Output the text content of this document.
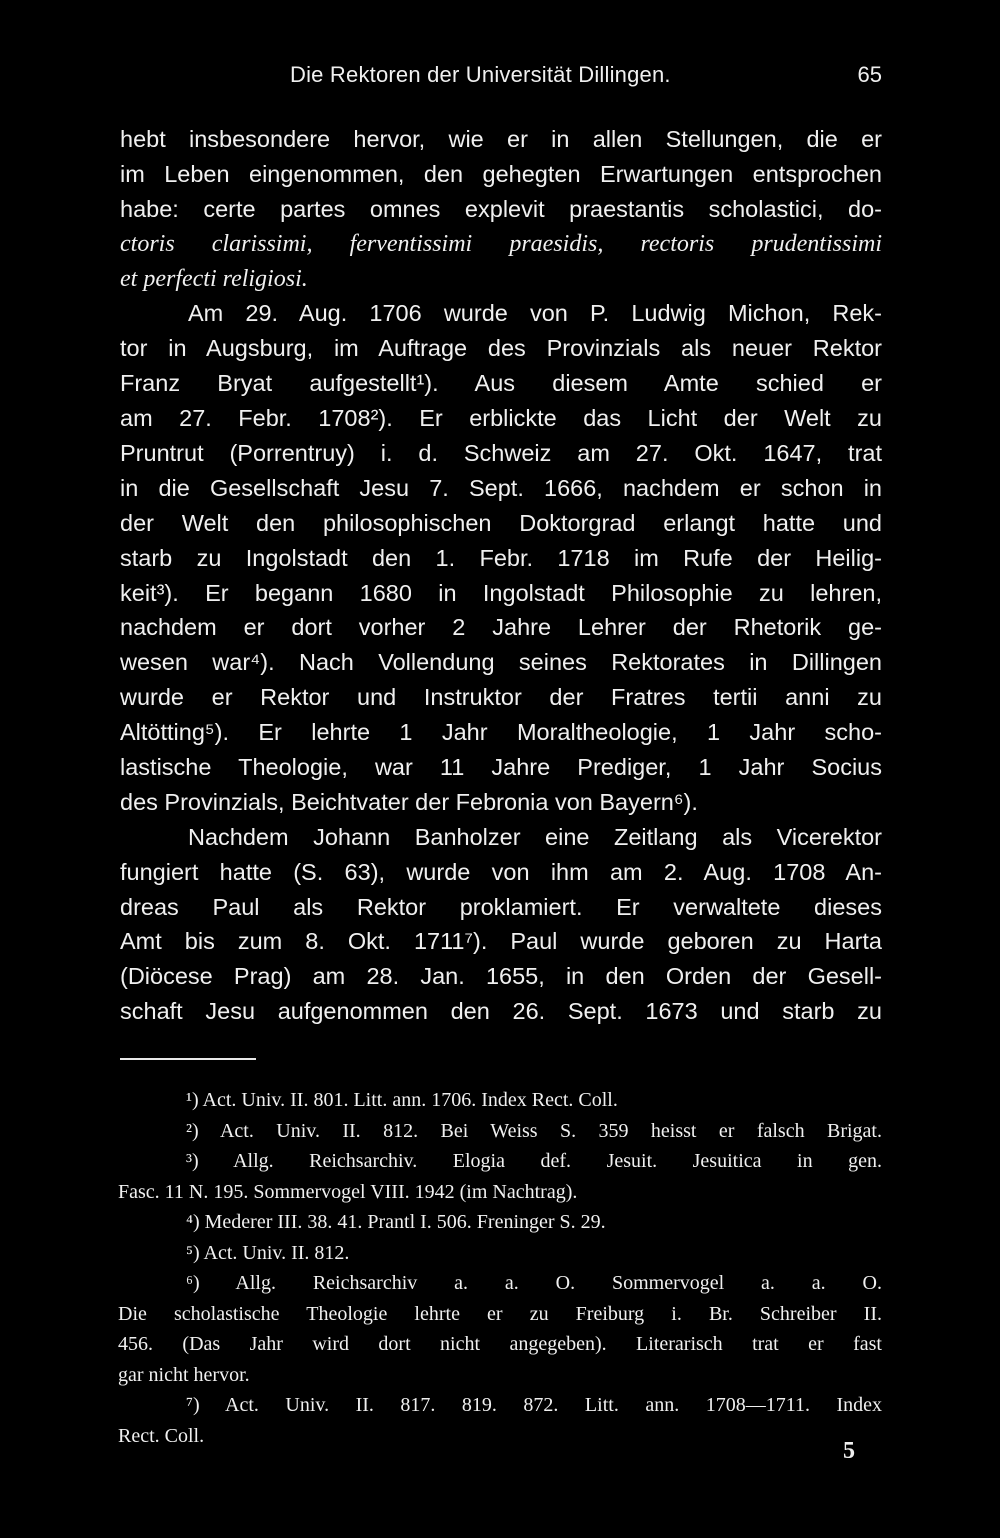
Die Rektoren der Universität Dillingen.	65
hebt insbesondere hervor, wie er in allen Stellungen, die er
im Leben eingenommen, den gehegten Erwartungen entsprochen
habe: certe partes omnes explevit praestantis scholastici, do-
ctoris clarissimi, ferventissimi praesidis, rectoris prudentissimi
et perfecti religiosi.
Am 29. Aug. 1706 wurde von P. Ludwig Michon, Rek-
tor in Augsburg, im Auftrage des Provinzials als neuer Rektor
Franz Bryat aufgestellt¹). Aus diesem Amte schied er
am 27. Febr. 1708²). Er erblickte das Licht der Welt zu
Pruntrut (Porrentruy) i. d. Schweiz am 27. Okt. 1647, trat
in die Gesellschaft Jesu 7. Sept. 1666, nachdem er schon in
der Welt den philosophischen Doktorgrad erlangt hatte und
starb zu Ingolstadt den 1. Febr. 1718 im Rufe der Heilig-
keit³). Er begann 1680 in Ingolstadt Philosophie zu lehren,
nachdem er dort vorher 2 Jahre Lehrer der Rhetorik ge-
wesen war⁴). Nach Vollendung seines Rektorates in Dillingen
wurde er Rektor und Instruktor der Fratres tertii anni zu
Altötting⁵). Er lehrte 1 Jahr Moraltheologie, 1 Jahr scho-
lastische Theologie, war 11 Jahre Prediger, 1 Jahr Socius
des Provinzials, Beichtvater der Febronia von Bayern⁶).
Nachdem Johann Banholzer eine Zeitlang als Vicerektor
fungiert hatte (S. 63), wurde von ihm am 2. Aug. 1708 An-
dreas Paul als Rektor proklamiert. Er verwaltete dieses
Amt bis zum 8. Okt. 1711⁷). Paul wurde geboren zu Harta
(Diöcese Prag) am 28. Jan. 1655, in den Orden der Gesell-
schaft Jesu aufgenommen den 26. Sept. 1673 und starb zu
¹) Act. Univ. II. 801. Litt. ann. 1706. Index Rect. Coll.
²) Act. Univ. II. 812. Bei Weiss S. 359 heisst er falsch Brigat.
³) Allg. Reichsarchiv. Elogia def. Jesuit. Jesuitica in gen.
Fasc. 11 N. 195. Sommervogel VIII. 1942 (im Nachtrag).
⁴) Mederer III. 38. 41. Prantl I. 506. Freninger S. 29.
⁵) Act. Univ. II. 812.
⁶) Allg. Reichsarchiv a. a. O. Sommervogel a. a. O.
Die scholastische Theologie lehrte er zu Freiburg i. Br. Schreiber II.
456. (Das Jahr wird dort nicht angegeben). Literarisch trat er fast
gar nicht hervor.
⁷) Act. Univ. II. 817. 819. 872. Litt. ann. 1708—1711. Index
Rect. Coll.
5
